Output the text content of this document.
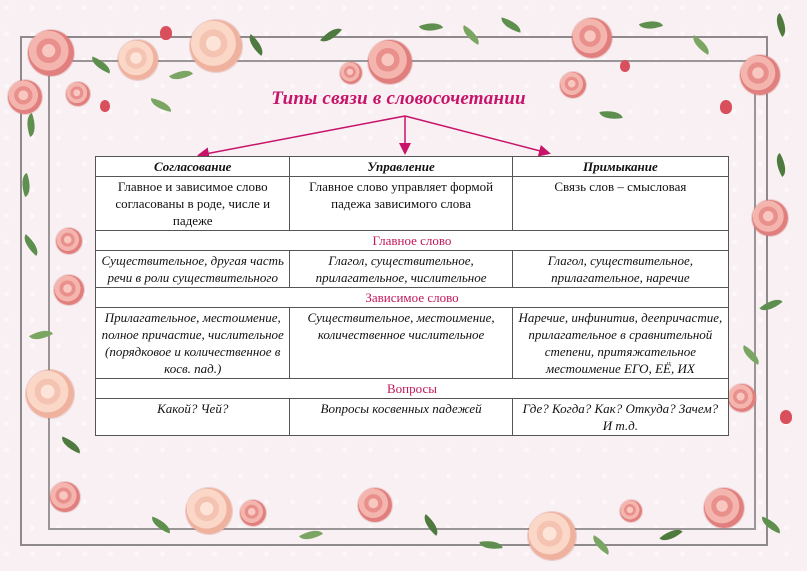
Типы связи в словосочетании
Согласование	Управление	Примыкание
Главное и зависимое слово согласованы в роде, числе и падеже	Главное слово управляет формой падежа зависимого слова	Связь слов – смысловая
Главное слово		
Существительное, другая часть речи в роли существительного	Глагол, существительное, прилагательное, числительное	Глагол, существительное, прилагательное, наречие
Зависимое слово		
Прилагательное, местоимение, полное причастие, числительное (порядковое и количественное в косв. пад.)	Существительное, местоимение, количественное числительное	Наречие, инфинитив, деепричастие, прилагательное в сравнительной степени, притяжательное местоимение ЕГО, ЕЁ, ИХ
Вопросы		
Какой? Чей?	Вопросы косвенных падежей	Где? Когда? Как? Откуда? Зачем? И т.д.
